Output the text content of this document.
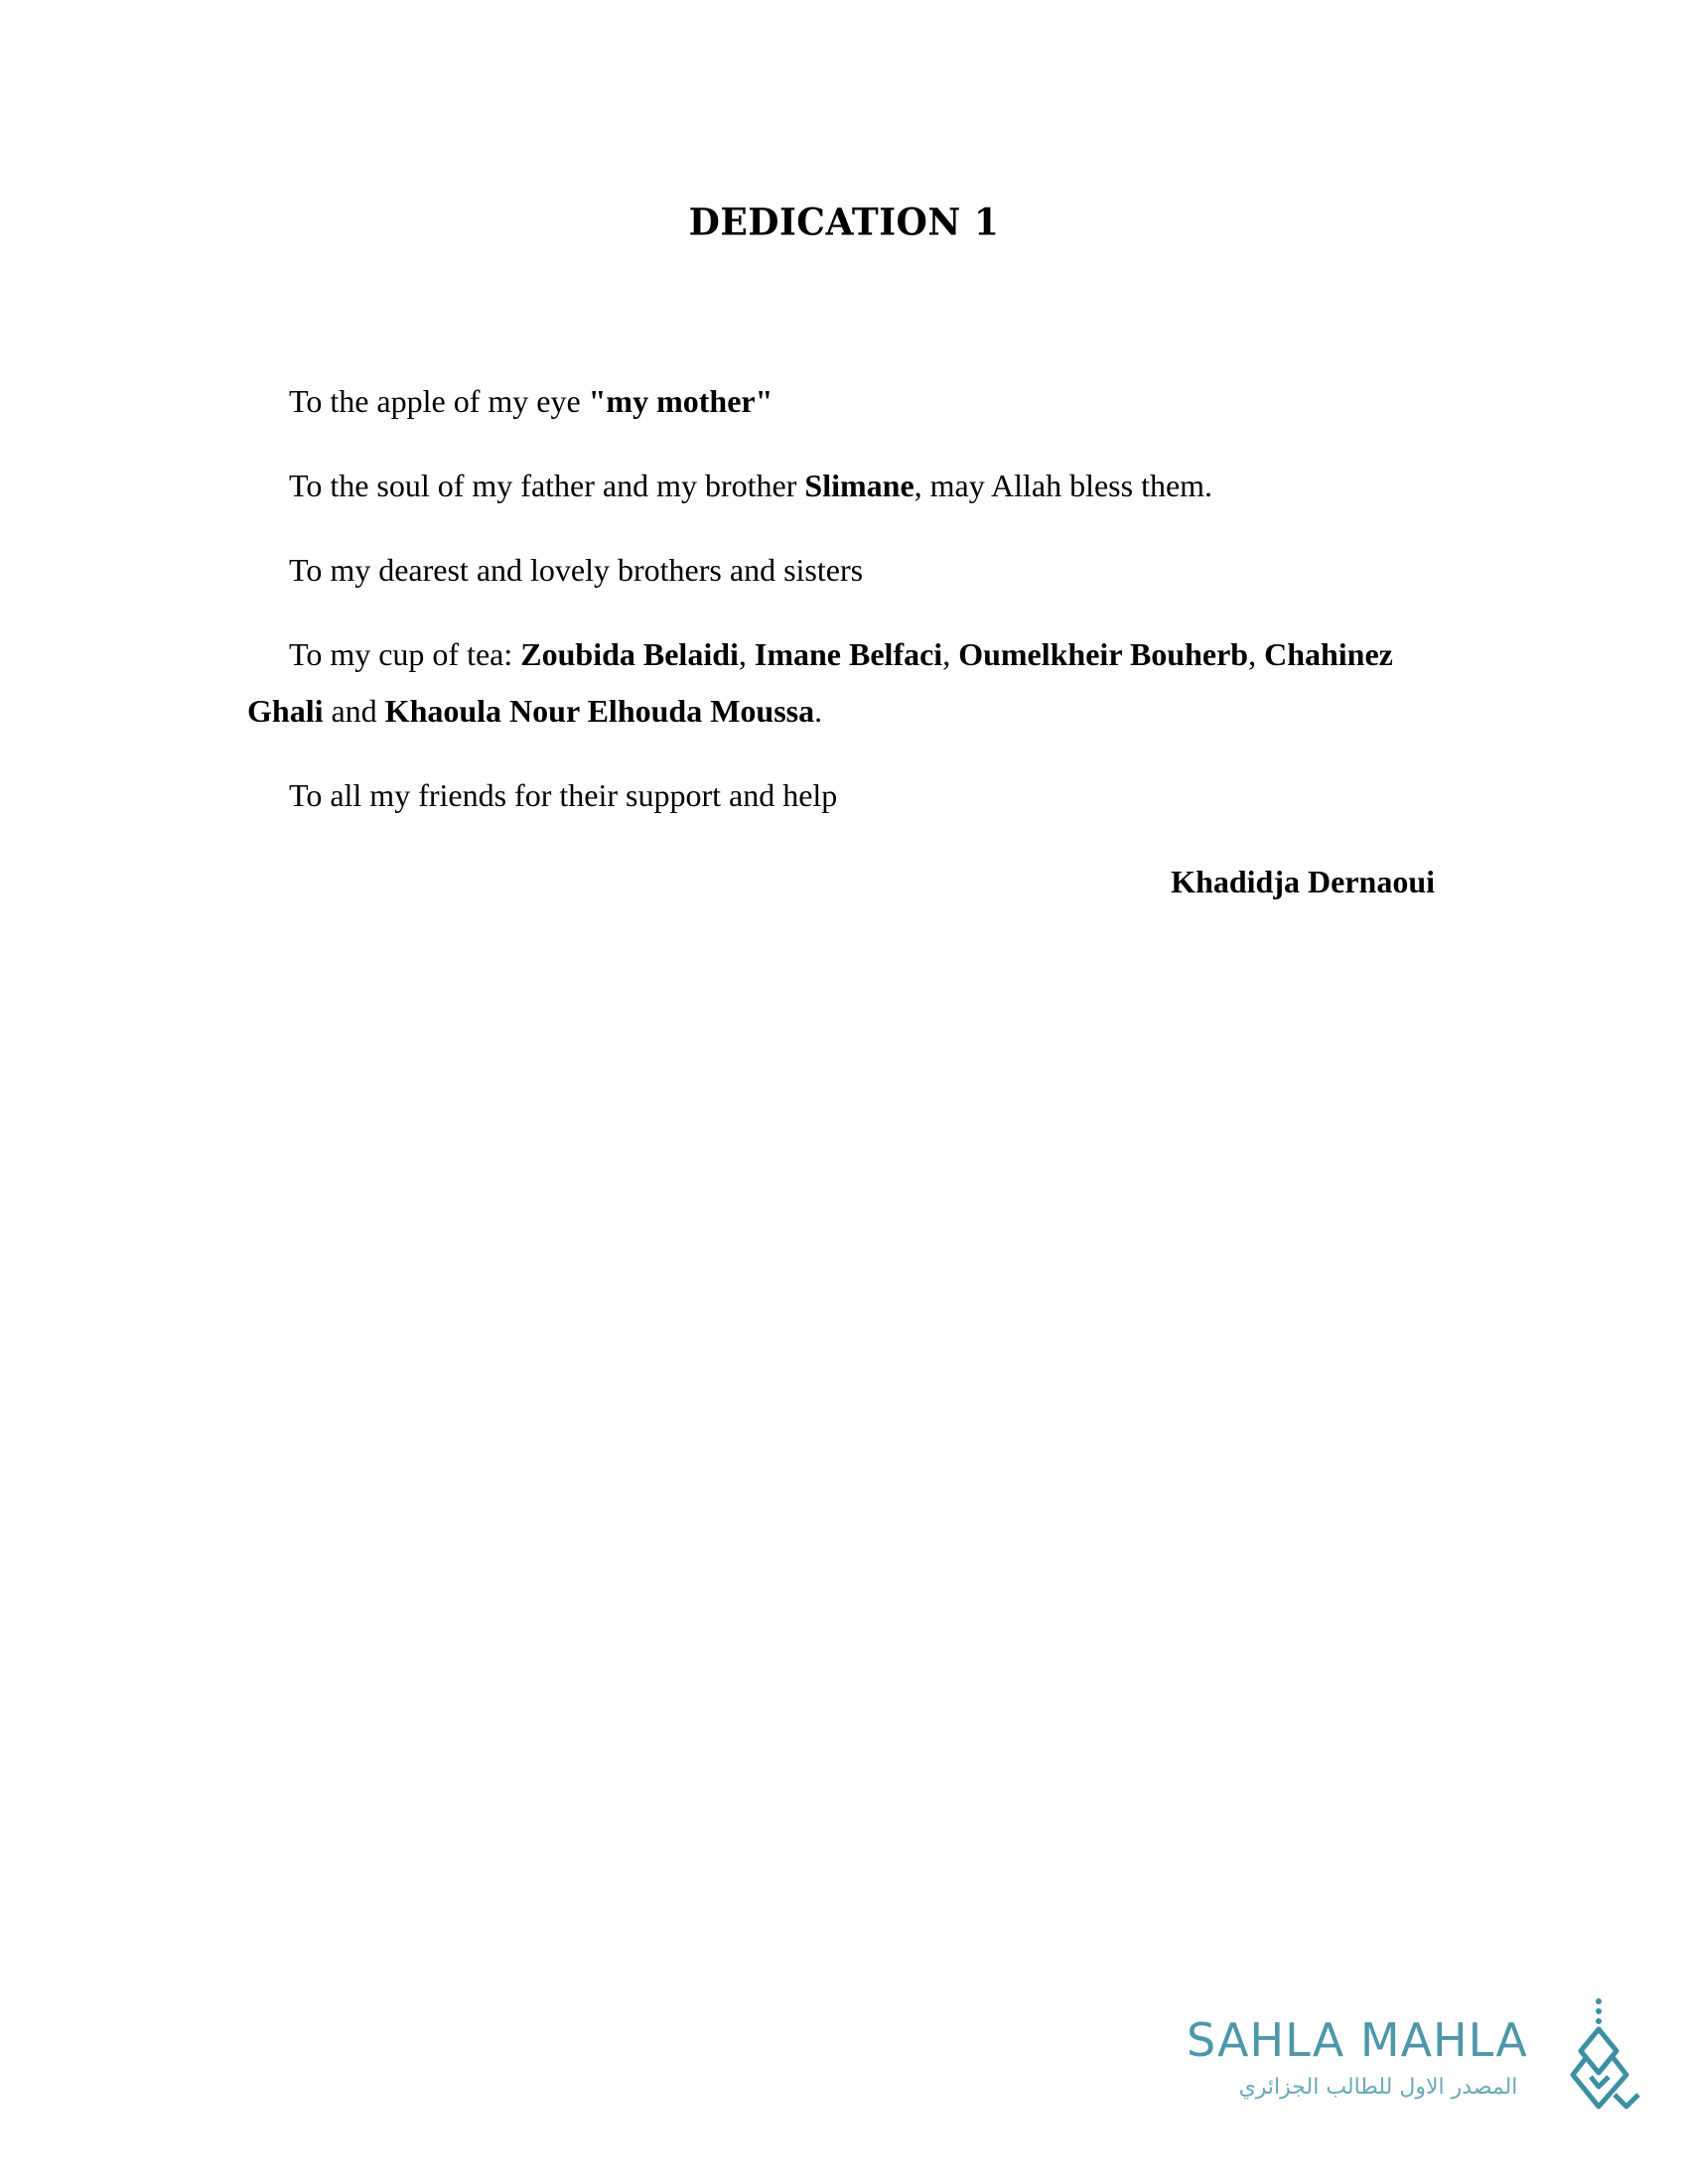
DEDICATION 1

To the apple of my eye "my mother"

To the soul of my father and my brother Slimane, may Allah bless them.

To my dearest and lovely brothers and sisters

To my cup of tea: Zoubida Belaidi, Imane Belfaci, Oumelkheir Bouherb, Chahinez Ghali and Khaoula Nour Elhouda Moussa.

To all my friends for their support and help

Khadidja Dernaoui

SAHLA MAHLA
المصدر الاول للطالب الجزائري
